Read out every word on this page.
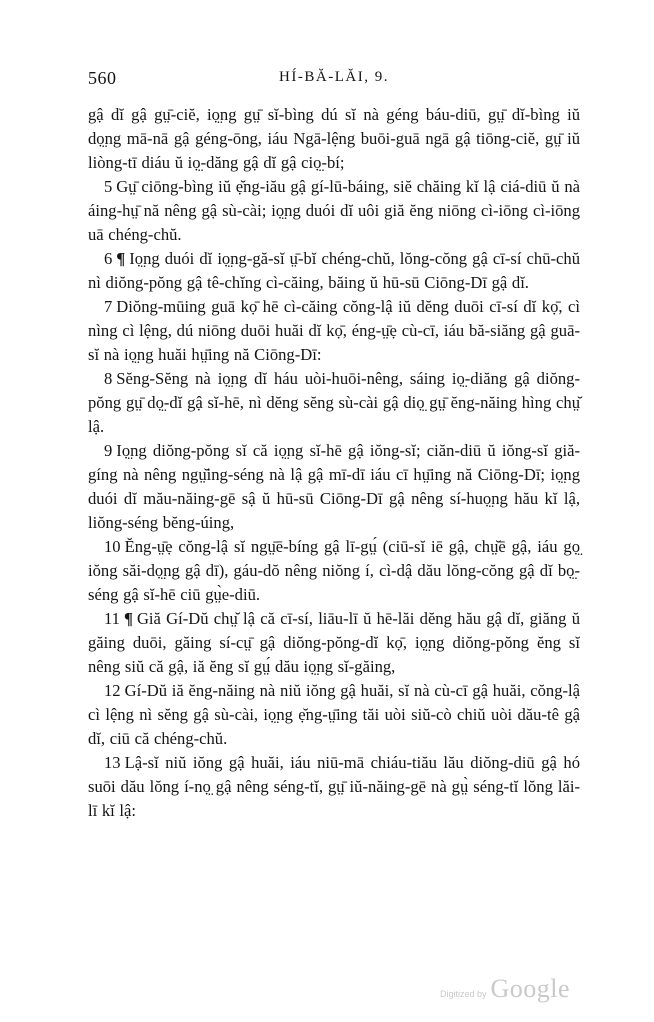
560	HÍ-BĂ-LĂI, 9.

gậ dĭ gậ gṳ̄-ciĕ, iọ̤ng gṳ̄ sĭ-bìng dú sĭ nà géng báu-diū, gṳ̄ dĭ-bìng iŭ dọ̤ng mā-nā gậ géng-ōng, iáu Ngā-lệng buōi-guā ngā gậ tiōng-ciĕ, gṳ̄ iŭ liòng-tī diáu ŭ iọ̤-dăng gậ dĭ gậ ciọ̤-bí;

5 Gṳ̄ ciōng-bìng iŭ ẹ̆ng-iău gậ gí-lū-báing, siĕ chăing kĭ lậ ciá-diū ŭ nà áing-hṳ̄ nă nêng gậ sù-cài; iọ̤ng duói dĭ uôi giă ĕng niōng cì-iōng cì-iōng uā chéng-chŭ.

6 ¶ Iọ̤ng duói dĭ iọ̤ng-gă-sĭ ṳ̄-bĭ chéng-chŭ, lŏng-cŏng gậ cī-sí chū-chŭ nì diŏng-pŏng gậ tê-chĭng cì-căing, băing ŭ hū-sū Ciōng-Dī gậ dĭ.

7 Diŏng-mūing guā kọ̄ hē cì-căing cŏng-lậ iŭ dĕng duōi cī-sí dĭ kọ̄, cì nìng cì lệng, dú niōng duōi huăi dĭ kọ̄, éng-ṳ̄ẹ cù-cī, iáu bă-siăng gậ guā-sĭ nà iọ̤ng huăi hṳ̄ing nă Ciōng-Dī:

8 Sĕng-Sĕng nà iọ̤ng dĭ háu uòi-huōi-nêng, sáing iọ̤-diăng gậ diŏng-pŏng gṳ̄ dọ̤-dĭ gậ sĭ-hē, nì dĕng sĕng sù-cài gậ diọ̤ gṳ̄ ĕng-năing hìng chṳ̆ lậ.

9 Iọ̤ng diŏng-pŏng sĭ că iọ̤ng sĭ-hē gậ iŏng-sĭ; ciăn-diū ŭ iŏng-sĭ giă-gíng nà nêng ngṳ̆ing-séng nà lậ gậ mī-dī iáu cī hṳ̄ing nă Ciōng-Dī; iọ̤ng duói dĭ mău-năing-gē sậ ŭ hū-sū Ciōng-Dī gậ nêng sí-huọ̤ng hău kĭ lậ, liŏng-séng bĕng-úing,

10 Ĕng-ṳ̄ẹ cŏng-lậ sĭ ngṳ̄ē-bíng gậ lī-gṳ́ (ciū-sĭ iē gậ, chṳ̆ē gậ, iáu gọ̤ iŏng săi-dọ̤ng gậ dī), gáu-dŏ nêng niŏng í, cì-dậ dău lŏng-cŏng gậ dĭ bọ̤-séng gậ sĭ-hē ciū gṳ̀e-diū.

11 ¶ Giă Gí-Dŭ chṳ̆ lậ că cī-sí, liāu-lī ŭ hē-lăi dĕng hău gậ dĭ, giăng ŭ găing duōi, găing sí-cṳ̄ gậ diŏng-pŏng-dĭ kọ̄, iọ̤ng diŏng-pŏng ĕng sĭ nêng siŭ că gậ, iă ĕng sĭ gṳ́ dău iọ̤ng sĭ-găing,

12 Gí-Dŭ iă ĕng-năing nà niŭ iŏng gậ huăi, sĭ nà cù-cī gậ huăi, cŏng-lậ cì lệng nì sĕng gậ sù-cài, iọ̤ng ẹ̆ng-ṳ̄ing tăi uòi siŭ-cò chiŭ uòi dău-tê gậ dĭ, ciū că chéng-chŭ.

13 Lậ-sĭ niŭ iŏng gậ huăi, iáu niū-mā chiáu-tiău lău diŏng-diū gậ hó suōi dău lŏng í-nọ̤ gậ nêng séng-tĭ, gṳ̄ iŭ-năing-gē nà gṳ̀ séng-tĭ lŏng lăi-lī kĭ lậ:

Digitized by Google
